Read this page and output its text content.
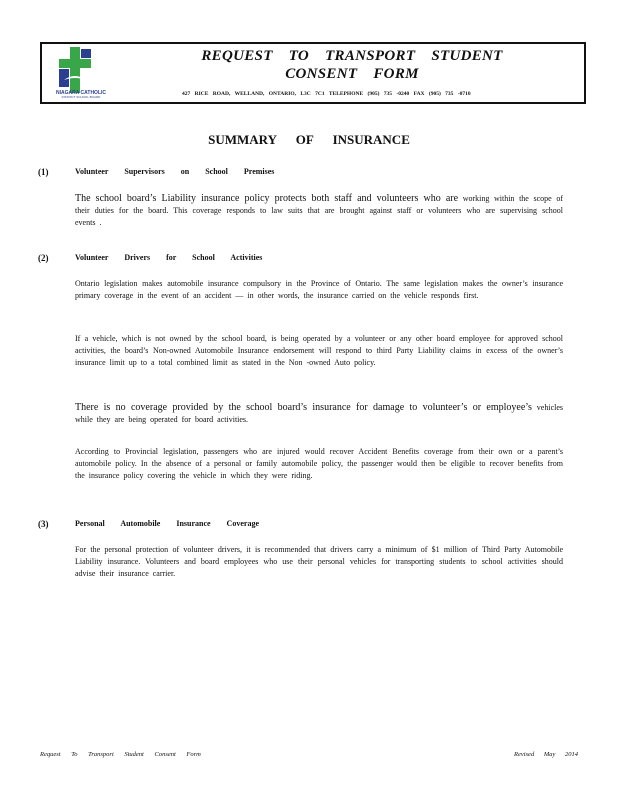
NIAGARA CATHOLIC
DISTRICT SCHOOL BOARD
REQUEST TO TRANSPORT STUDENT
CONSENT FORM
427 RICE ROAD, WELLAND, ONTARIO, L3C 7C1 TELEPHONE (905) 735 -0240 FAX (905) 735 -0710
SUMMARY OF INSURANCE
(1)	Volunteer Supervisors on School Premises
The school board’s Liability insurance policy protects both staff and volunteers who are working within the scope of their duties for the board. This coverage responds to law suits that are brought against staff or volunteers who are supervising school events .
(2)	Volunteer Drivers for School Activities
Ontario legislation makes automobile insurance compulsory in the Province of Ontario. The same legislation makes the owner’s insurance primary coverage in the event of an accident — in other words, the insurance carried on the vehicle responds first.
If a vehicle, which is not owned by the school board, is being operated by a volunteer or any other board employee for approved school activities, the board’s Non-owned Automobile Insurance endorsement will respond to third Party Liability claims in excess of the owner’s insurance limit up to a total combined limit as stated in the Non -owned Auto policy.
There is no coverage provided by the school board’s insurance for damage to volunteer’s or employee’s vehicles while they are being operated for board activities.
According to Provincial legislation, passengers who are injured would recover Accident Benefits coverage from their own or a parent’s automobile policy. In the absence of a personal or family automobile policy, the passenger would then be eligible to recover benefits from the insurance policy covering the vehicle in which they were riding.
(3)	Personal Automobile Insurance Coverage
For the personal protection of volunteer drivers, it is recommended that drivers carry a minimum of $1 million of Third Party Automobile Liability insurance. Volunteers and board employees who use their personal vehicles for transporting students to school activities should advise their insurance carrier.
Request To Transport Student Consent Form	Revised May 2014
